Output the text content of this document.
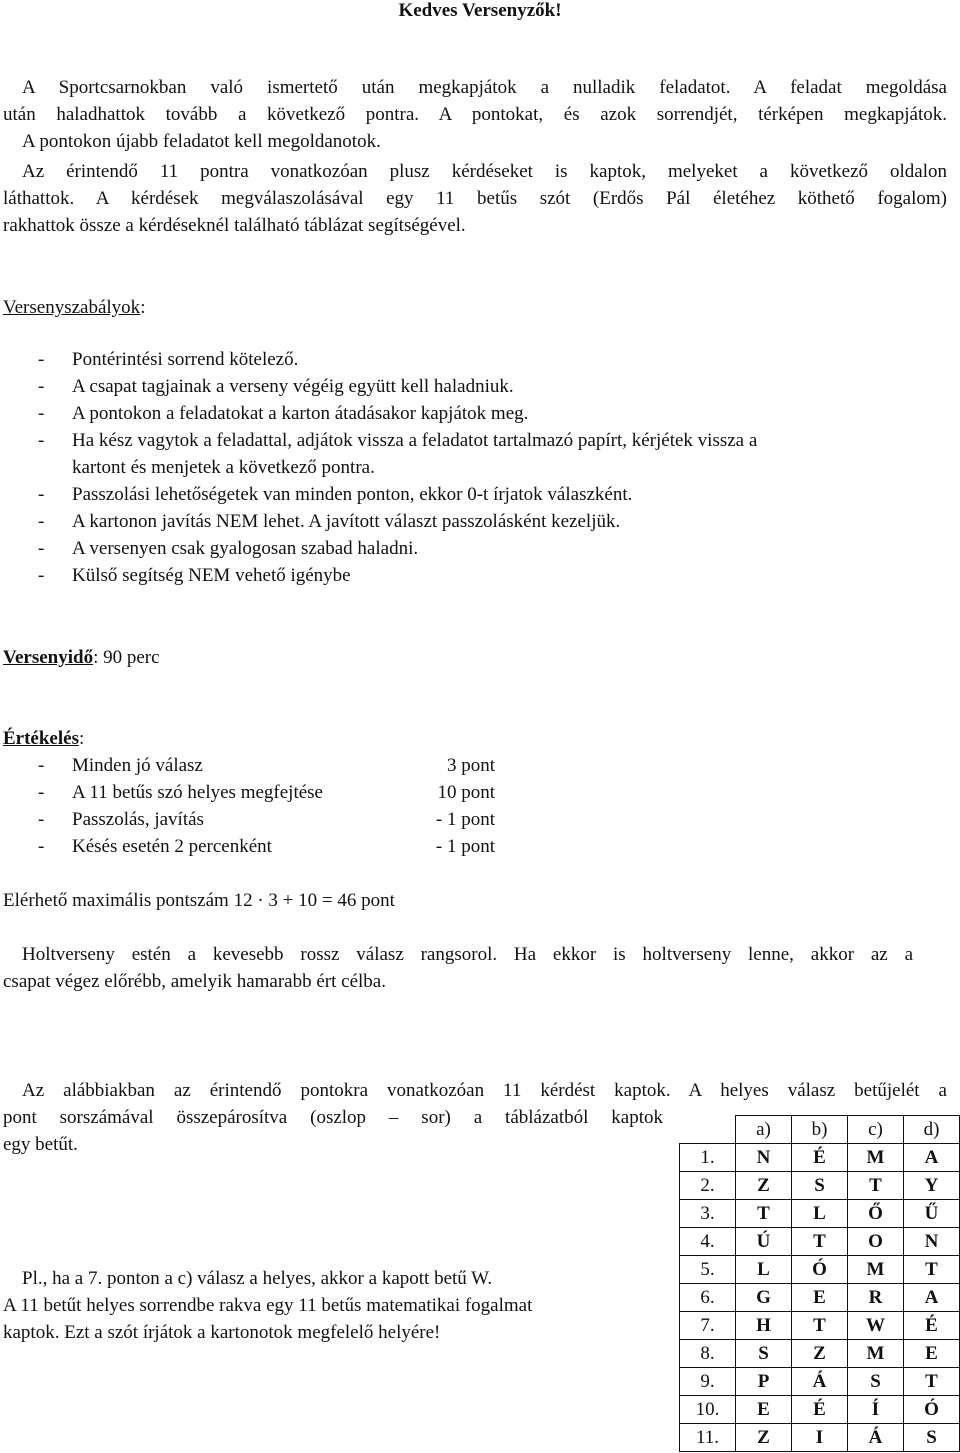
Kedves Versenyzők!
A Sportcsarnokban való ismertető után megkapjátok a nulladik feladatot. A feladat megoldása
után haladhattok tovább a következő pontra. A pontokat, és azok sorrendjét, térképen megkapjátok.
A pontokon újabb feladatot kell megoldanotok.
Az érintendő 11 pontra vonatkozóan plusz kérdéseket is kaptok, melyeket a következő oldalon
láthattok. A kérdések megválaszolásával egy 11 betűs szót (Erdős Pál életéhez köthető fogalom)
rakhattok össze a kérdéseknél található táblázat segítségével.
Versenyszabályok:
- Pontérintési sorrend kötelező.
- A csapat tagjainak a verseny végéig együtt kell haladniuk.
- A pontokon a feladatokat a karton átadásakor kapjátok meg.
- Ha kész vagytok a feladattal, adjátok vissza a feladatot tartalmazó papírt, kérjétek vissza a
kartont és menjetek a következő pontra.
- Passzolási lehetőségetek van minden ponton, ekkor 0-t írjatok válaszként.
- A kartonon javítás NEM lehet. A javított választ passzolásként kezeljük.
- A versenyen csak gyalogosan szabad haladni.
- Külső segítség NEM vehető igénybe
Versenyidő: 90 perc
Értékelés:
- Minden jó válasz	3 pont
- A 11 betűs szó helyes megfejtése	10 pont
- Passzolás, javítás	- 1 pont
- Késés esetén 2 percenként	- 1 pont
Elérhető maximális pontszám 12 · 3 + 10 = 46 pont
Holtverseny estén a kevesebb rossz válasz rangsorol. Ha ekkor is holtverseny lenne, akkor az a
csapat végez előrébb, amelyik hamarabb ért célba.
Az alábbiakban az érintendő pontokra vonatkozóan 11 kérdést kaptok. A helyes válasz betűjelét a
pont sorszámával összepárosítva (oszlop – sor) a táblázatból kaptok
egy betűt.
Pl., ha a 7. ponton a c) válasz a helyes, akkor a kapott betű W.
A 11 betűt helyes sorrendbe rakva egy 11 betűs matematikai fogalmat
kaptok. Ezt a szót írjátok a kartonotok megfelelő helyére!
	a)	b)	c)	d)
1.	N	É	M	A
2.	Z	S	T	Y
3.	T	L	Ő	Ű
4.	Ú	T	O	N
5.	L	Ó	M	T
6.	G	E	R	A
7.	H	T	W	É
8.	S	Z	M	E
9.	P	Á	S	T
10.	E	É	Í	Ó
11.	Z	I	Á	S
